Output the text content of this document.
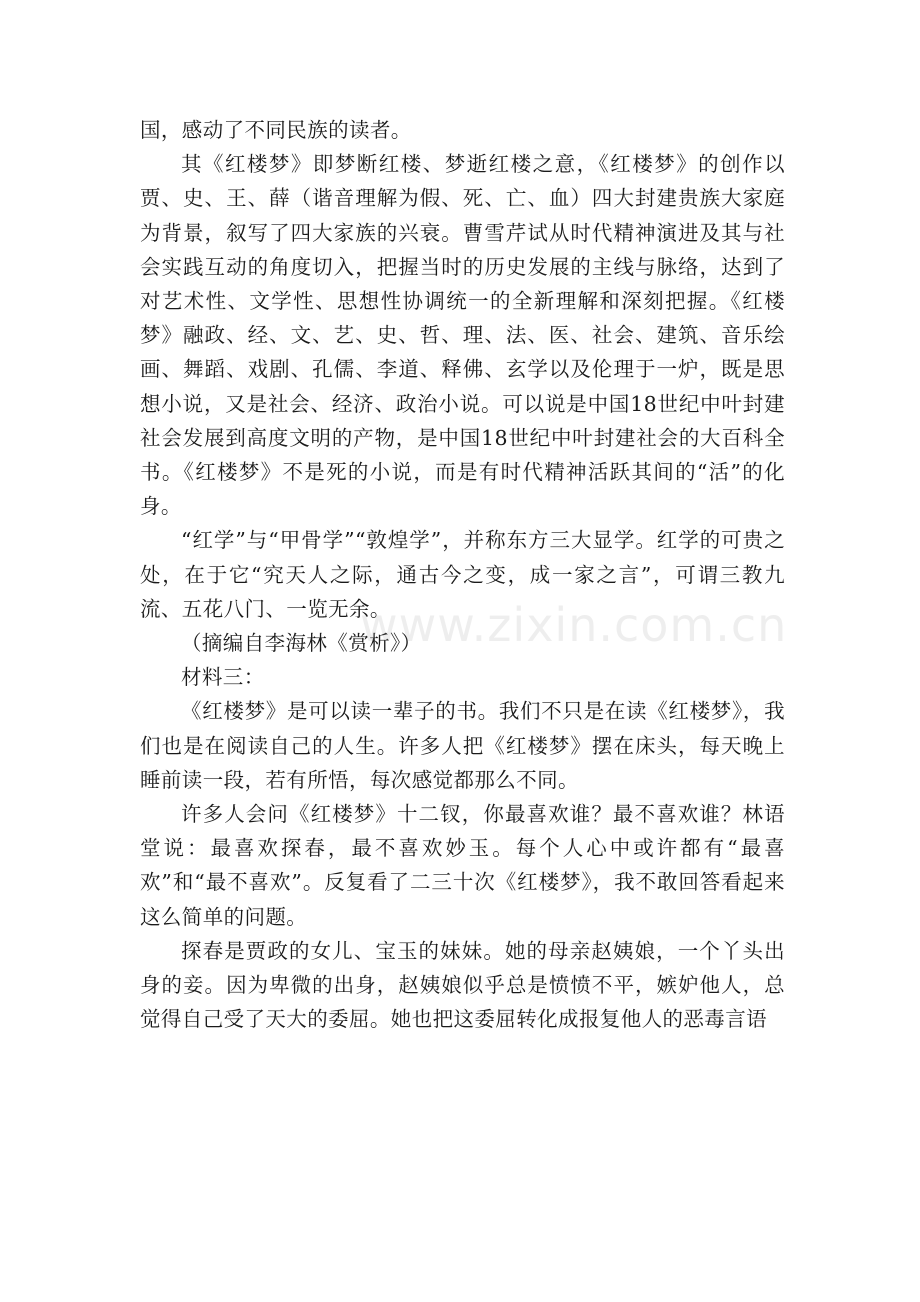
国，感动了不同民族的读者。

其《红楼梦》即梦断红楼、梦逝红楼之意，《红楼梦》的创作以贾、史、王、薛（谐音理解为假、死、亡、血）四大封建贵族大家庭为背景，叙写了四大家族的兴衰。曹雪芹试从时代精神演进及其与社会实践互动的角度切入，把握当时的历史发展的主线与脉络，达到了对艺术性、文学性、思想性协调统一的全新理解和深刻把握。《红楼梦》融政、经、文、艺、史、哲、理、法、医、社会、建筑、音乐绘画、舞蹈、戏剧、孔儒、李道、释佛、玄学以及伦理于一炉，既是思想小说，又是社会、经济、政治小说。可以说是中国18世纪中叶封建社会发展到高度文明的产物，是中国18世纪中叶封建社会的大百科全书。《红楼梦》不是死的小说，而是有时代精神活跃其间的“活”的化身。

“红学”与“甲骨学”“敦煌学”，并称东方三大显学。红学的可贵之处，在于它“究天人之际，通古今之变，成一家之言”，可谓三教九流、五花八门、一览无余。

（摘编自李海林《赏析》）

材料三：

《红楼梦》是可以读一辈子的书。我们不只是在读《红楼梦》，我们也是在阅读自己的人生。许多人把《红楼梦》摆在床头，每天晚上睡前读一段，若有所悟，每次感觉都那么不同。

许多人会问《红楼梦》十二钗，你最喜欢谁？最不喜欢谁？林语堂说：最喜欢探春，最不喜欢妙玉。每个人心中或许都有“最喜欢”和“最不喜欢”。反复看了二三十次《红楼梦》，我不敢回答看起来这么简单的问题。

探春是贾政的女儿、宝玉的妹妹。她的母亲赵姨娘，一个丫头出身的妾。因为卑微的出身，赵姨娘似乎总是愤愤不平，嫉妒他人，总觉得自己受了天大的委屈。她也把这委屈转化成报复他人的恶毒言语

www.zixin.com.cn
